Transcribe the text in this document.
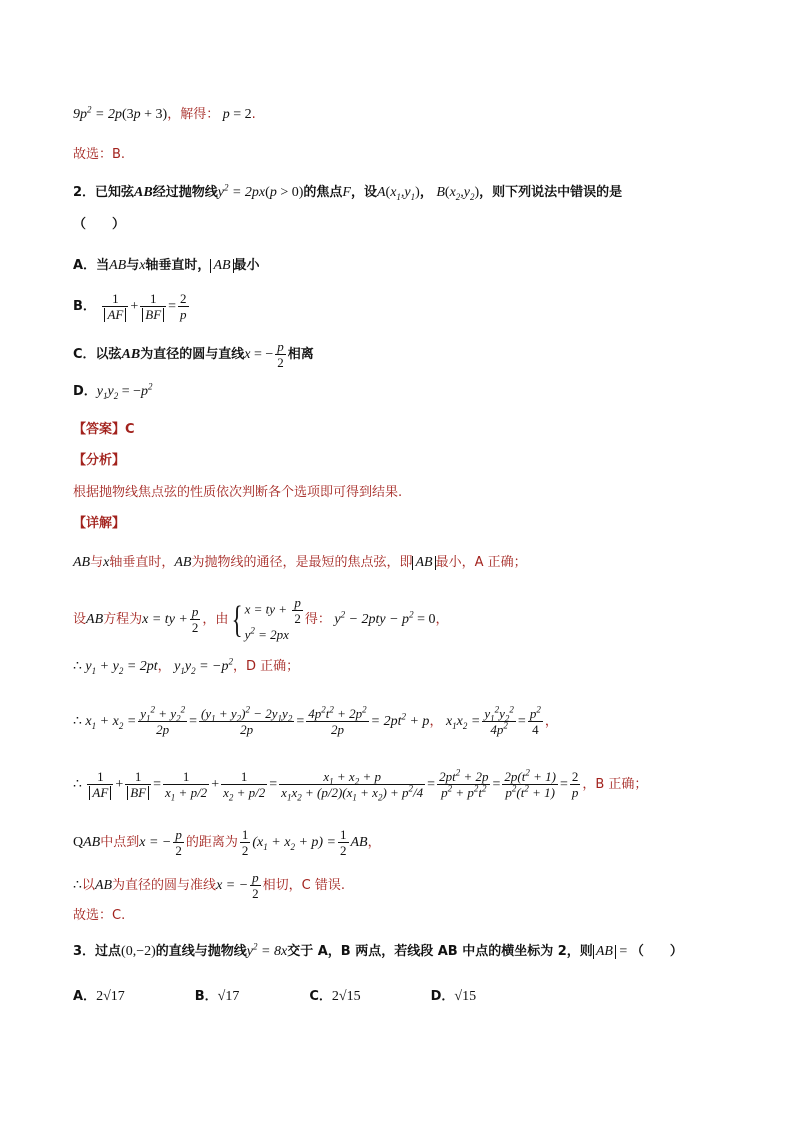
$9p^2 = 2p(3p + 3)$，解得： p = 2.
故选：B.
2．已知弦AB经过抛物线$y^2 = 2px(p > 0)$的焦点F，设$A(x_1,y_1)$， $B(x_2,y_2)$，则下列说法中错误的是
（　　）
A．当AB与x轴垂直时， AB 最小
B． $\frac{1}{AF} + \frac{1}{BF} = \frac{2}{p}$
C．以弦AB为直径的圆与直线x = − $\frac{p}{2}$ 相离
D．$y_1y_2 = -p^2$
【答案】C
【分析】
根据抛物线焦点弦的性质依次判断各个选项即可得到结果.
【详解】
AB与x轴垂直时，AB为抛物线的通径，是最短的焦点弦，即 AB 最小，A 正确；
设AB方程为x = ty + $\frac{p}{2}$ ，由{ x = ty + $\frac{p}{2}$
$y^2 = 2px$
得： $y^2 - 2pty - p^2 = 0$，
∴ $y_1 + y_2 = 2pt$， $y_1y_2 = -p^2$，D 正确；
∴ $x_1 + x_2 = \frac{y_1^2 + y_2^2}{2p} = \frac{(y_1 + y_2)^2 - 2y_1y_2}{2p} = \frac{4p^2t^2 + 2p^2}{2p} = 2pt^2 + p$， $x_1x_2 = \frac{y_1^2y_2^2}{4p^2} = \frac{p^2}{4}$ ，
∴ $\frac{1}{AF} + \frac{1}{BF} = \frac{1}{x_1 + p/2} + \frac{1}{x_2 + p/2} = \frac{x_1 + x_2 + p}{x_1x_2 + (p/2)(x_1 + x_2) + p^2/4} = \frac{2pt^2 + 2p}{p^2 + p^2t^2} = \frac{2p(t^2 + 1)}{p^2(t^2 + 1)} = \frac{2}{p}$ ，B 正确；
QAB中点到x = − $\frac{p}{2}$ 的距离为 $\frac{1}{2} (x_1 + x_2 + p) = \frac{1}{2}$ AB，
∴以AB为直径的圆与准线x = − $\frac{p}{2}$ 相切，C 错误.
故选：C.
3．过点(0,−2)的直线与抛物线$y^2 = 8x$交于 A，B 两点，若线段 AB 中点的横坐标为 2，则 AB = （　　）
A．2√17	B．√17	C．2√15	D．√15
